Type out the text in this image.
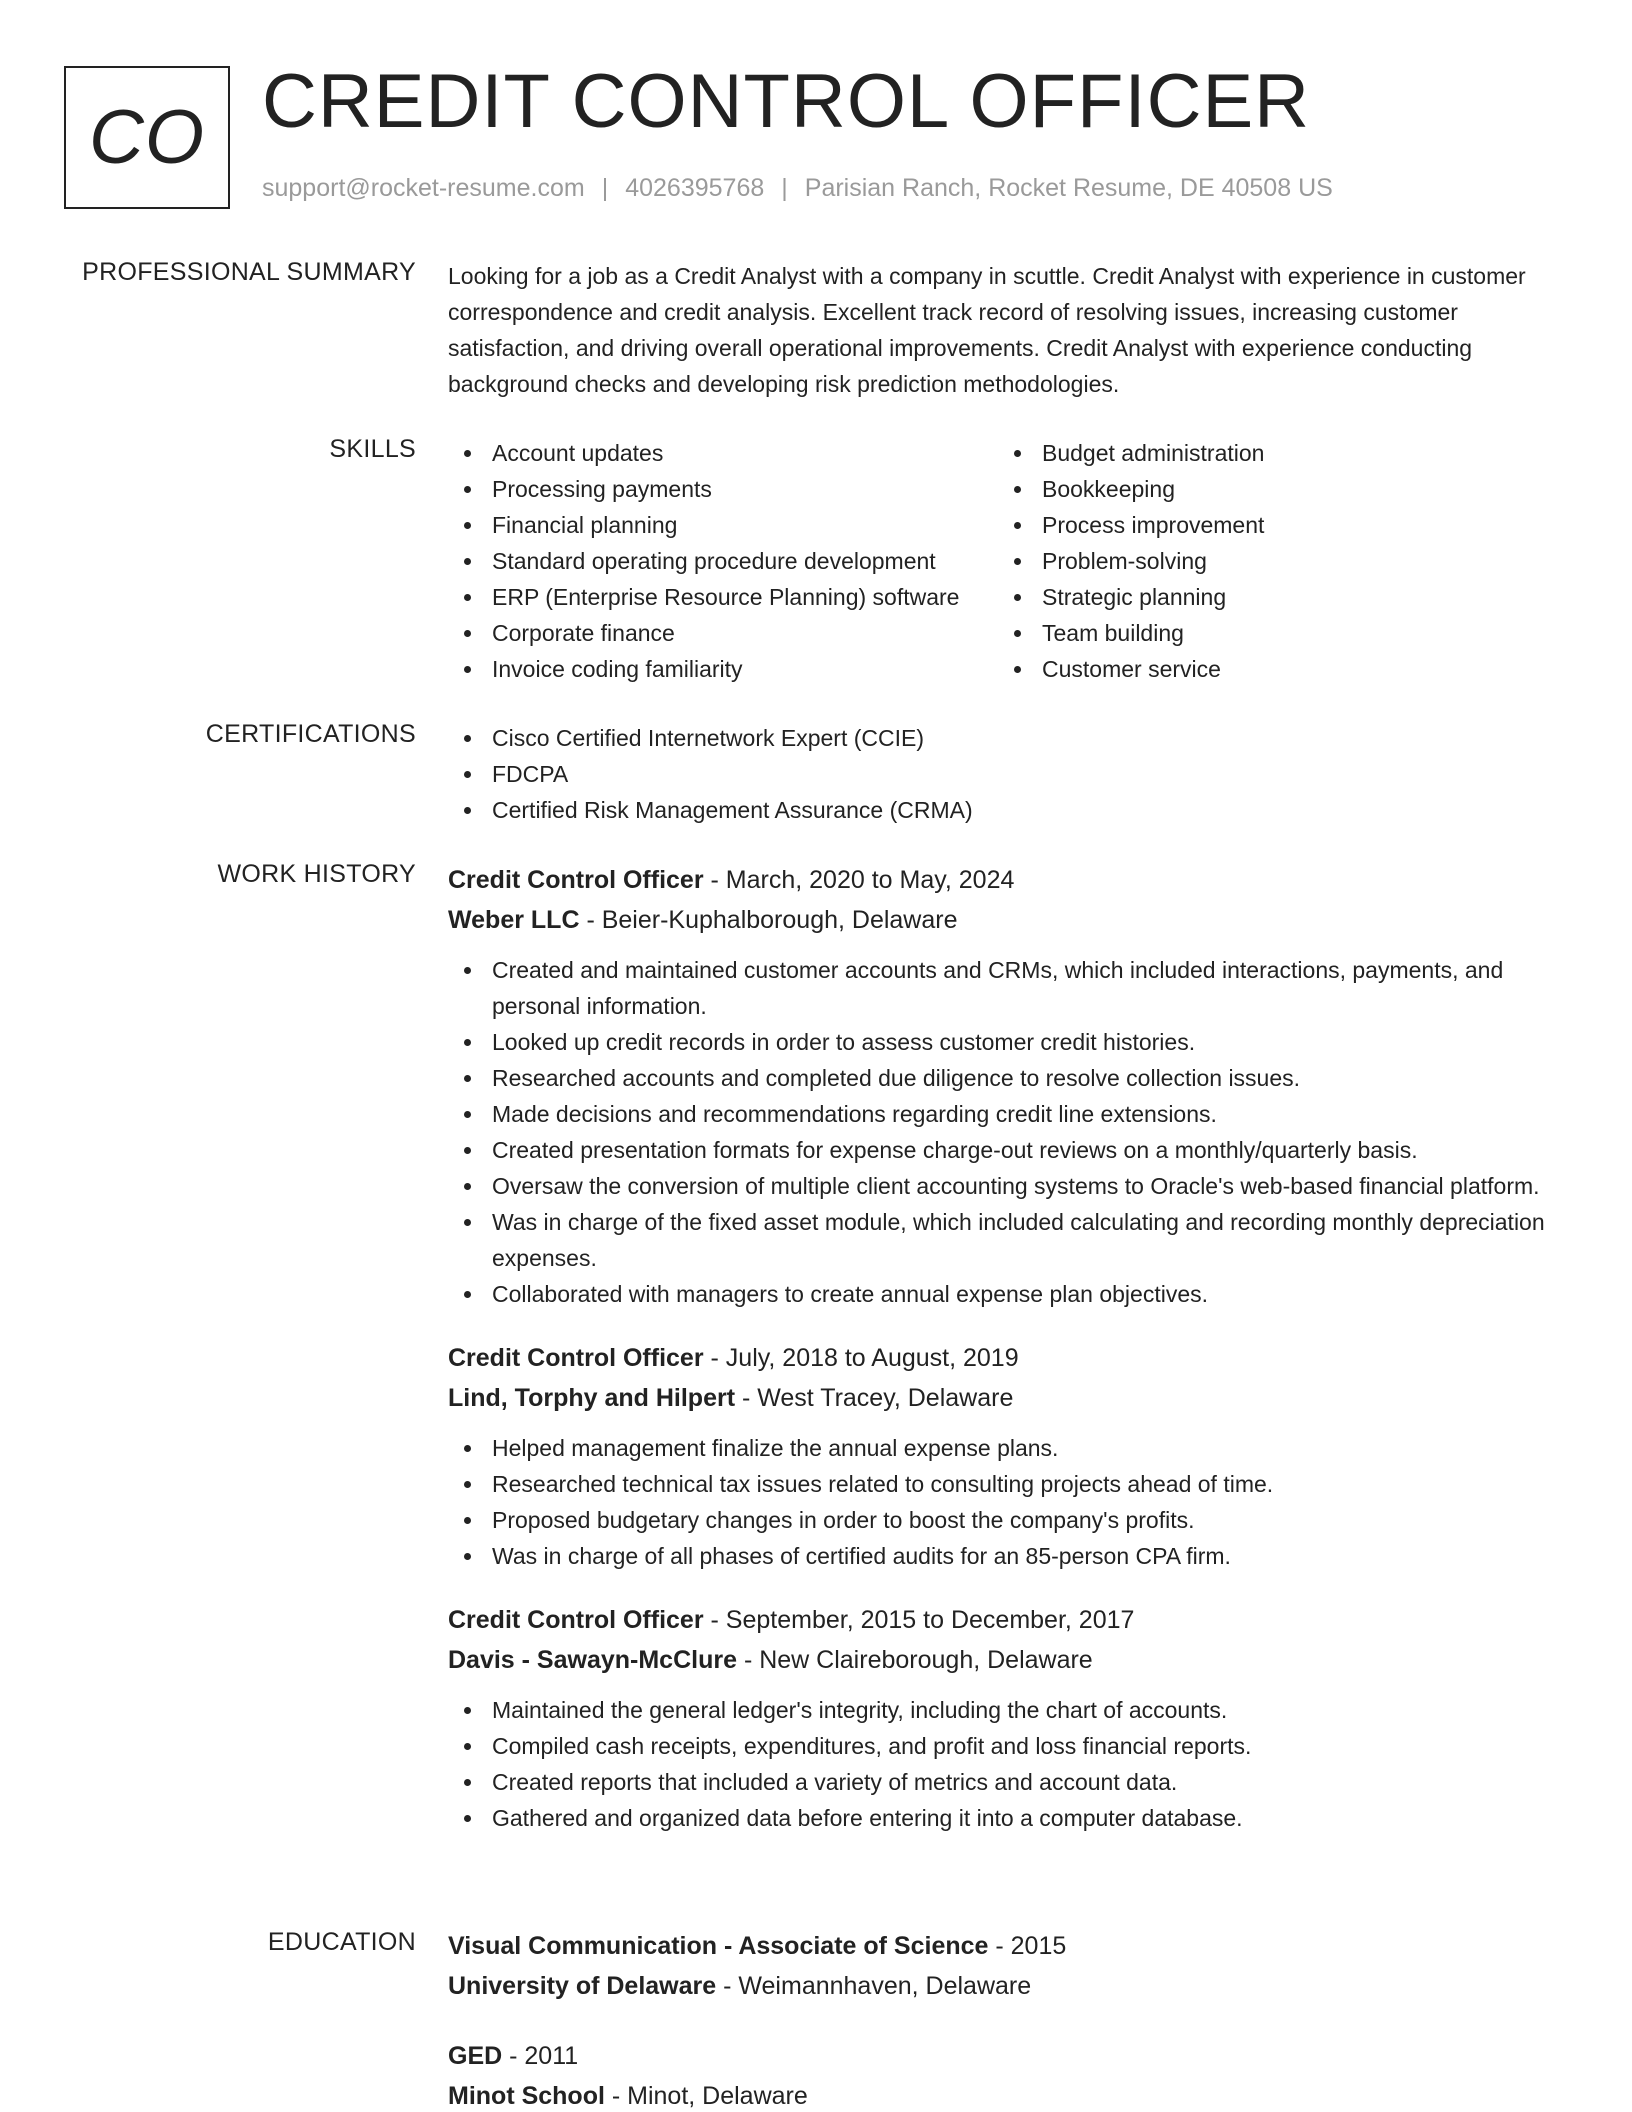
CO CREDIT CONTROL OFFICER
support@rocket-resume.com | 4026395768 | Parisian Ranch, Rocket Resume, DE 40508 US
PROFESSIONAL SUMMARY Looking for a job as a Credit Analyst with a company in scuttle. Credit Analyst with experience in customer correspondence and credit analysis. Excellent track record of resolving issues, increasing customer satisfaction, and driving overall operational improvements. Credit Analyst with experience conducting background checks and developing risk prediction methodologies.
SKILLS	Account updates
Processing payments
Financial planning
Standard operating procedure development
ERP (Enterprise Resource Planning) software
Corporate finance
Invoice coding familiarity
Budget administration
Bookkeeping
Process improvement
Problem-solving
Strategic planning
Team building
Customer service
CERTIFICATIONS	Cisco Certified Internetwork Expert (CCIE)
FDCPA
Certified Risk Management Assurance (CRMA)
WORK HISTORY Credit Control Officer - March, 2020 to May, 2024
Weber LLC - Beier-Kuphalborough, Delaware
Created and maintained customer accounts and CRMs, which included interactions, payments, and personal information.
Looked up credit records in order to assess customer credit histories.
Researched accounts and completed due diligence to resolve collection issues.
Made decisions and recommendations regarding credit line extensions.
Created presentation formats for expense charge-out reviews on a monthly/quarterly basis.
Oversaw the conversion of multiple client accounting systems to Oracle's web-based financial platform.
Was in charge of the fixed asset module, which included calculating and recording monthly depreciation expenses.
Collaborated with managers to create annual expense plan objectives.
Credit Control Officer - July, 2018 to August, 2019
Lind, Torphy and Hilpert - West Tracey, Delaware
Helped management finalize the annual expense plans.
Researched technical tax issues related to consulting projects ahead of time.
Proposed budgetary changes in order to boost the company's profits.
Was in charge of all phases of certified audits for an 85-person CPA firm.
Credit Control Officer - September, 2015 to December, 2017
Davis - Sawayn-McClure - New Claireborough, Delaware
Maintained the general ledger's integrity, including the chart of accounts.
Compiled cash receipts, expenditures, and profit and loss financial reports.
Created reports that included a variety of metrics and account data.
Gathered and organized data before entering it into a computer database.
EDUCATION Visual Communication - Associate of Science - 2015
University of Delaware - Weimannhaven, Delaware
GED - 2011
Minot School - Minot, Delaware
